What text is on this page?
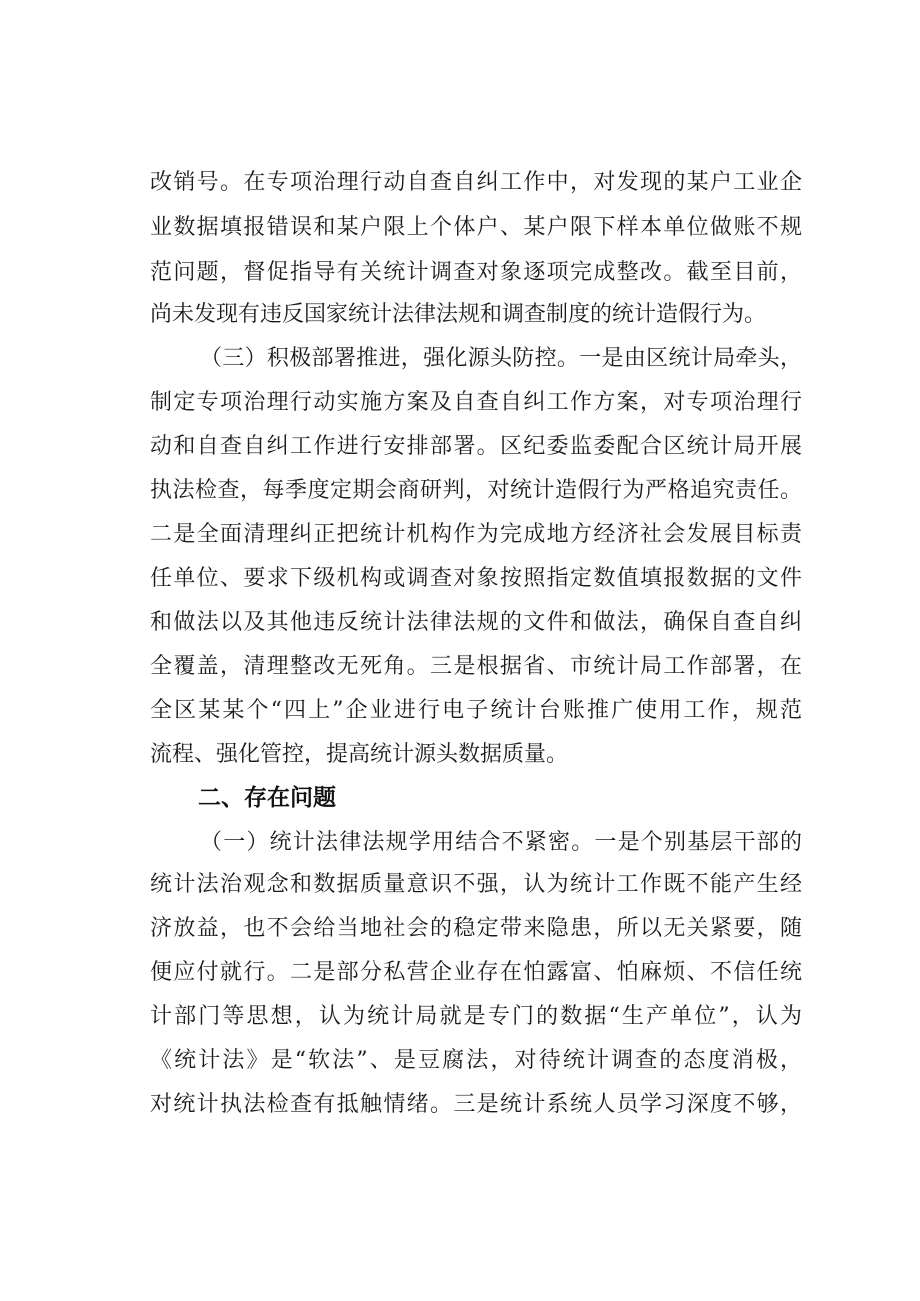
改销号。在专项治理行动自查自纠工作中，对发现的某户工业企
业数据填报错误和某户限上个体户、某户限下样本单位做账不规
范问题，督促指导有关统计调查对象逐项完成整改。截至目前，
尚未发现有违反国家统计法律法规和调查制度的统计造假行为。
（三）积极部署推进，强化源头防控。一是由区统计局牵头，
制定专项治理行动实施方案及自查自纠工作方案，对专项治理行
动和自查自纠工作进行安排部署。区纪委监委配合区统计局开展
执法检查，每季度定期会商研判，对统计造假行为严格追究责任。
二是全面清理纠正把统计机构作为完成地方经济社会发展目标责
任单位、要求下级机构或调查对象按照指定数值填报数据的文件
和做法以及其他违反统计法律法规的文件和做法，确保自查自纠
全覆盖，清理整改无死角。三是根据省、市统计局工作部署，在
全区某某个“四上”企业进行电子统计台账推广使用工作，规范
流程、强化管控，提高统计源头数据质量。
二、存在问题
（一）统计法律法规学用结合不紧密。一是个别基层干部的
统计法治观念和数据质量意识不强，认为统计工作既不能产生经
济放益，也不会给当地社会的稳定带来隐患，所以无关紧要，随
便应付就行。二是部分私营企业存在怕露富、怕麻烦、不信任统
计部门等思想，认为统计局就是专门的数据“生产单位”，认为
《统计法》是“软法”、是豆腐法，对待统计调查的态度消极，
对统计执法检查有抵触情绪。三是统计系统人员学习深度不够，
